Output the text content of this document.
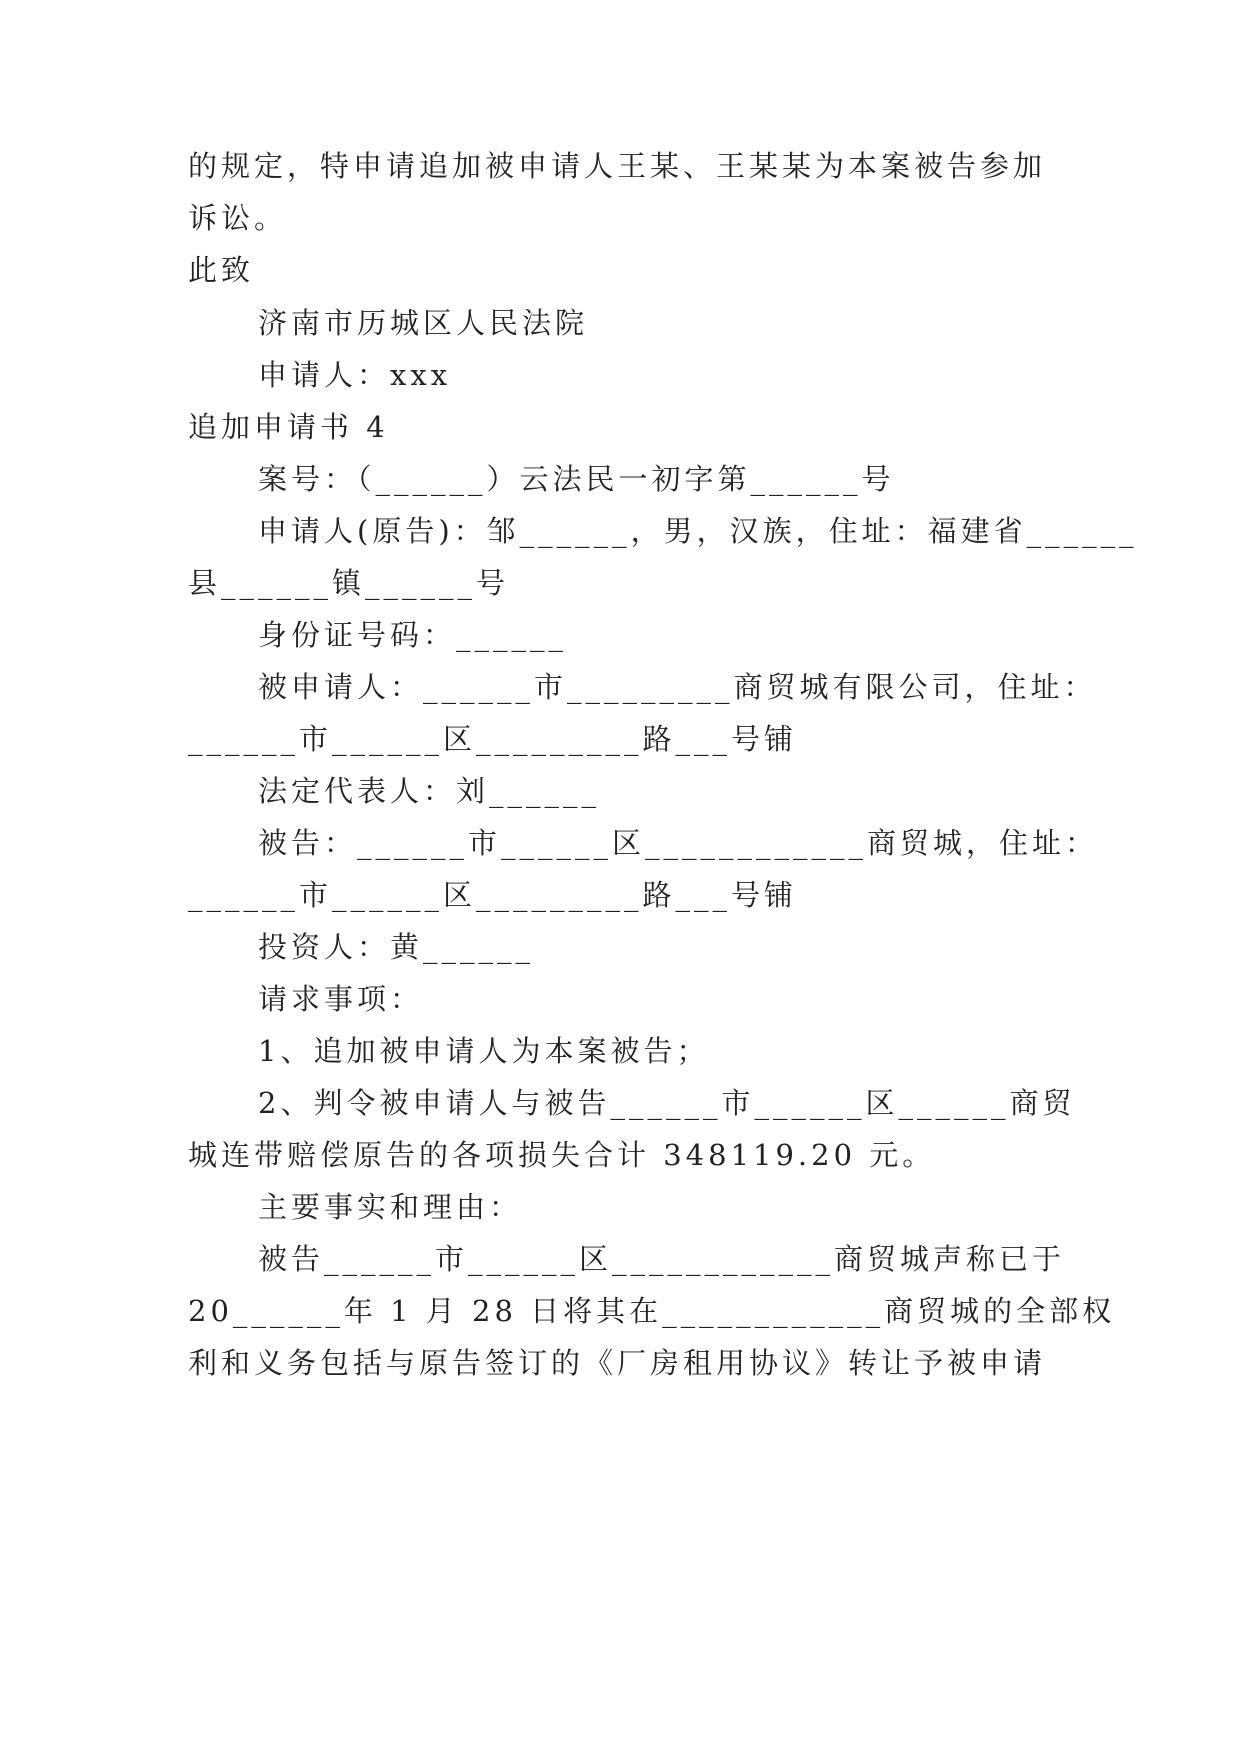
的规定，特申请追加被申请人王某、王某某为本案被告参加
诉讼。
此致
济南市历城区人民法院
申请人：xxx
追加申请书 4
案号：（______）云法民一初字第______号
申请人(原告)：邹______，男，汉族，住址：福建省______
县______镇______号
身份证号码：______
被申请人：______市_________商贸城有限公司，住址：
______市______区_________路___号铺
法定代表人：刘______
被告：______市______区____________商贸城，住址：
______市______区_________路___号铺
投资人：黄______
请求事项：
1、追加被申请人为本案被告；
2、判令被申请人与被告______市______区______商贸
城连带赔偿原告的各项损失合计 348119.20 元。
主要事实和理由：
被告______市______区____________商贸城声称已于
20______年 1 月 28 日将其在____________商贸城的全部权
利和义务包括与原告签订的《厂房租用协议》转让予被申请
